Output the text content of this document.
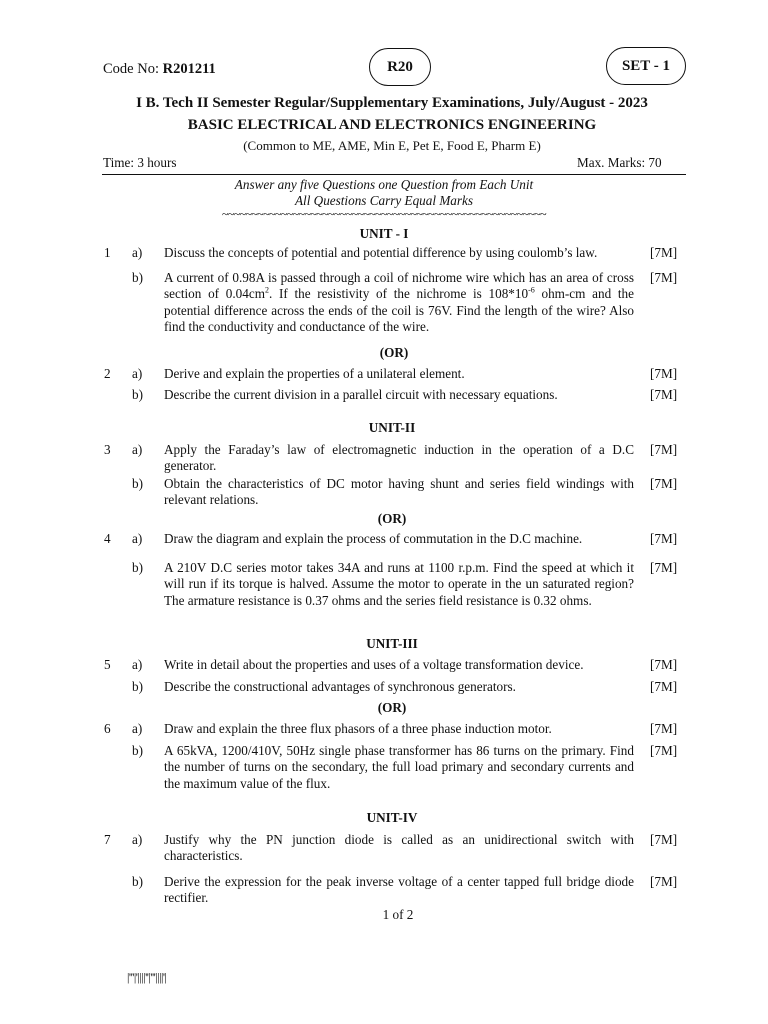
Code No: R201211	R20	SET - 1
I B. Tech II Semester Regular/Supplementary Examinations, July/August - 2023
BASIC ELECTRICAL AND ELECTRONICS ENGINEERING
(Common to ME, AME, Min E, Pet E, Food E, Pharm E)
Time: 3 hours	Max. Marks: 70
Answer any five Questions one Question from Each Unit
All Questions Carry Equal Marks
~~~~~~~~~~~~~~~~~~~~~~~~~~~~~~~~~~~~~~~~~~~~~~~~~~~~~~~
UNIT - I
1 a) Discuss the concepts of potential and potential difference by using coulomb’s law.	[7M]
b) A current of 0.98A is passed through a coil of nichrome wire which has an area of cross section of $0.04cm^2$. If the resistivity of the nichrome is $108*10^{-6}$ ohm-cm and the potential difference across the ends of the coil is 76V. Find the length of the wire? Also find the conductivity and conductance of the wire.
[7M]
(OR)
2 a) Derive and explain the properties of a unilateral element.	[7M]
b) Describe the current division in a parallel circuit with necessary equations.	[7M]
UNIT-II
3 a) Apply the Faraday’s law of electromagnetic induction in the operation of a D.C generator.
[7M]
b) Obtain the characteristics of DC motor having shunt and series field windings with relevant relations.
[7M]
(OR)
4 a) Draw the diagram and explain the process of commutation in the D.C machine.	[7M]
b) A 210V D.C series motor takes 34A and runs at 1100 r.p.m. Find the speed at which it will run if its torque is halved. Assume the motor to operate in the un saturated region? The armature resistance is 0.37 ohms and the series field resistance is 0.32 ohms.
[7M]
UNIT-III
5 a) Write in detail about the properties and uses of a voltage transformation device.	[7M]
b) Describe the constructional advantages of synchronous generators.	[7M]
(OR)
6 a) Draw and explain the three flux phasors of a three phase induction motor.	[7M]
b) A 65kVA, 1200/410V, 50Hz single phase transformer has 86 turns on the primary. Find the number of turns on the secondary, the full load primary and secondary currents and the maximum value of the flux.
[7M]
UNIT-IV
7 a) Justify why the PN junction diode is called as an unidirectional switch with characteristics.
[7M]
b) Derive the expression for the peak inverse voltage of a center tapped full bridge diode rectifier.
[7M]
1 of 2
|'''|'||||''|'''||||'|
